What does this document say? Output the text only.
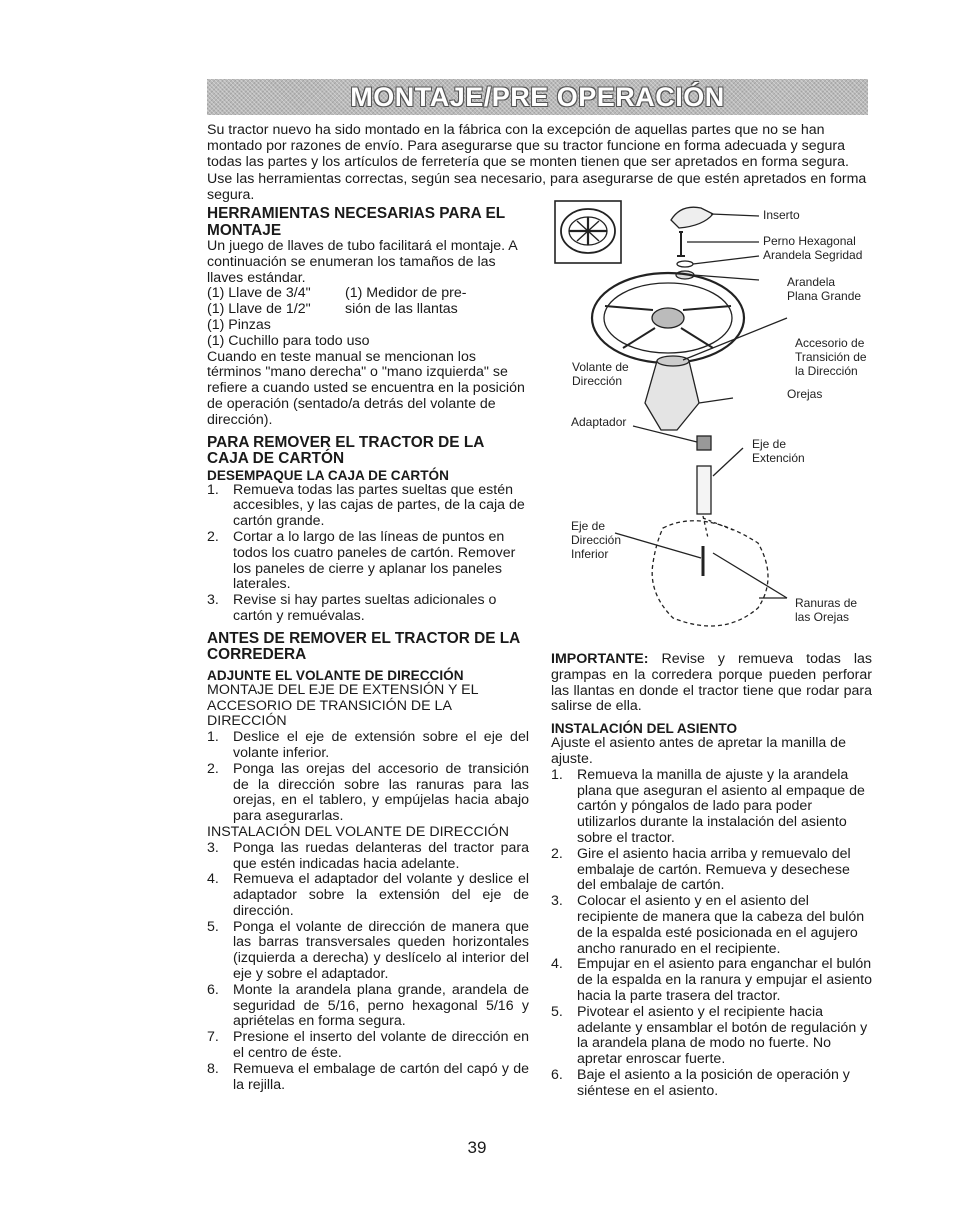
MONTAJE/PRE OPERACIÓN

Su tractor nuevo ha sido montado en la fábrica con la excepción de aquellas partes que no se han montado por razones de envío. Para asegurarse que su tractor funcione en forma adecuada y segura todas las partes y los artículos de ferretería que se monten tienen que ser apretados en forma segura. Use las herramientas correctas, según sea necesario, para asegurarse de que estén apretados en forma segura.

HERRAMIENTAS NECESARIAS PARA EL MONTAJE

Un juego de llaves de tubo facilitará el montaje. A continuación se enumeran los tamaños de las llaves estándar.

(1) Llave de 3/4"	(1) Medidor de pre-
(1) Llave de 1/2"	sión de las llantas
(1) Pinzas
(1) Cuchillo para todo uso

Cuando en teste manual se mencionan los términos "mano derecha" o "mano izquierda" se refiere a cuando usted se encuentra en la posición de operación (sentado/a detrás del volante de dirección).

PARA REMOVER EL TRACTOR DE LA CAJA DE CARTÓN
DESEMPAQUE LA CAJA DE CARTÓN
1. Remueva todas las partes sueltas que estén accesibles, y las cajas de partes, de la caja de cartón grande.
2. Cortar a lo largo de las líneas de puntos en todos los cuatro paneles de cartón. Remover los paneles de cierre y aplanar los paneles laterales.
3. Revise si hay partes sueltas adicionales o cartón y remuévalas.
ANTES DE REMOVER EL TRACTOR DE LA CORREDERA
ADJUNTE EL VOLANTE DE DIRECCIÓN

MONTAJE DEL EJE DE EXTENSIÓN Y EL ACCESORIO DE TRANSICIÓN DE LA DIRECCIÓN

1. Deslice el eje de extensión sobre el eje del volante inferior.
2. Ponga las orejas del accesorio de transición de la dirección sobre las ranuras para las orejas, en el tablero, y empújelas hacia abajo para asegurarlas.

INSTALACIÓN DEL VOLANTE DE DIRECCIÓN

3. Ponga las ruedas delanteras del tractor para que estén indicadas hacia adelante.
4. Remueva el adaptador del volante y deslice el adaptador sobre la extensión del eje de dirección.
5. Ponga el volante de dirección de manera que las barras transversales queden horizontales (izquierda a derecha) y deslícelo al interior del eje y sobre el adaptador.
6. Monte la arandela plana grande, arandela de seguridad de 5/16, perno hexagonal 5/16 y apriételas en forma segura.
7. Presione el inserto del volante de dirección en el centro de éste.
8. Remueva el embalage de cartón del capó y de la rejilla.
Inserto
Perno Hexagonal
Arandela Segridad
Arandela
Plana Grande
Accesorio de
Transición de
la Dirección
Volante de
Dirección
Orejas
Adaptador
Eje de
Extención
Eje de
Dirección
Inferior
Ranuras de
las Orejas

IMPORTANTE: Revise y remueva todas las grampas en la corredera porque pueden perforar las llantas en donde el tractor tiene que rodar para salirse de ella.

INSTALACIÓN DEL ASIENTO

Ajuste el asiento antes de apretar la manilla de ajuste.

1. Remueva la manilla de ajuste y la arandela plana que aseguran el asiento al empaque de cartón y póngalos de lado para poder utilizarlos durante la instalación del asiento sobre el tractor.
2. Gire el asiento hacia arriba y remuevalo del embalaje de cartón. Remueva y desechese del embalaje de cartón.
3. Colocar el asiento y en el asiento del recipiente de manera que la cabeza del bulón de la espalda esté posicionada en el agujero ancho ranurado en el recipiente.
4. Empujar en el asiento para enganchar el bulón de la espalda en la ranura y empujar el asiento hacia la parte trasera del tractor.
5. Pivotear el asiento y el recipiente hacia adelante y ensamblar el botón de regulación y la arandela plana de modo no fuerte. No apretar enroscar fuerte.
6. Baje el asiento a la posición de operación y siéntese en el asiento.
39
